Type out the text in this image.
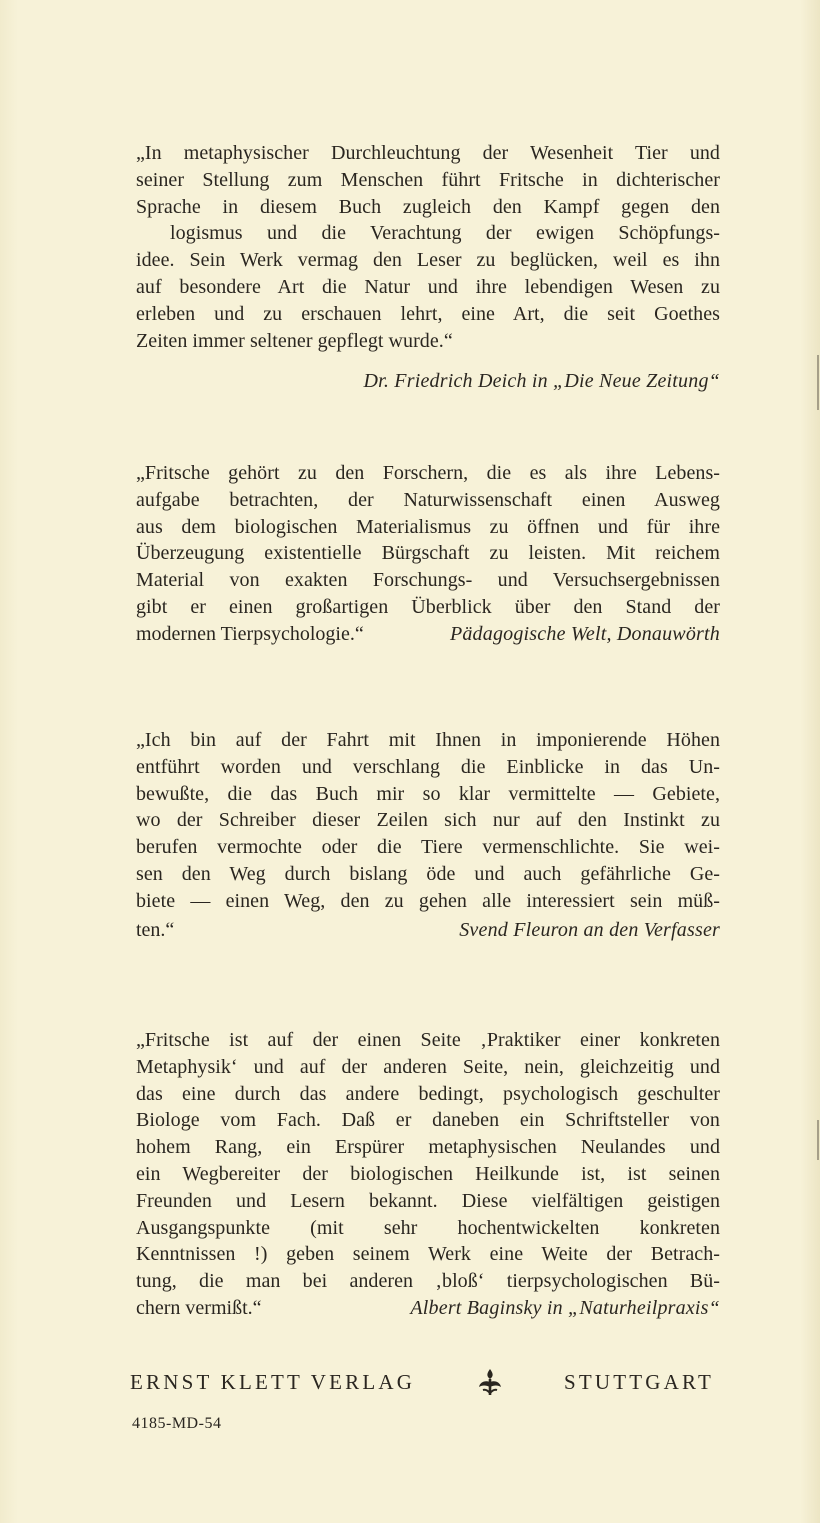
„In metaphysischer Durchleuchtung der Wesenheit Tier und
seiner Stellung zum Menschen führt Fritsche in dichterischer
Sprache in diesem Buch zugleich den Kampf gegen den
logismus und die Verachtung der ewigen Schöpfungs-
idee. Sein Werk vermag den Leser zu beglücken, weil es ihn
auf besondere Art die Natur und ihre lebendigen Wesen zu
erleben und zu erschauen lehrt, eine Art, die seit Goethes
Zeiten immer seltener gepflegt wurde.“

Dr. Friedrich Deich in „Die Neue Zeitung“

„Fritsche gehört zu den Forschern, die es als ihre Lebens-
aufgabe betrachten, der Naturwissenschaft einen Ausweg
aus dem biologischen Materialismus zu öffnen und für ihre
Überzeugung existentielle Bürgschaft zu leisten. Mit reichem
Material von exakten Forschungs- und Versuchsergebnissen
gibt er einen großartigen Überblick über den Stand der

modernen Tierpsychologie.“	Pädagogische Welt, Donauwörth

„Ich bin auf der Fahrt mit Ihnen in imponierende Höhen
entführt worden und verschlang die Einblicke in das Un-
bewußte, die das Buch mir so klar vermittelte — Gebiete,
wo der Schreiber dieser Zeilen sich nur auf den Instinkt zu
berufen vermochte oder die Tiere vermenschlichte. Sie wei-
sen den Weg durch bislang öde und auch gefährliche Ge-
biete — einen Weg, den zu gehen alle interessiert sein müß-

ten.“	Svend Fleuron an den Verfasser

„Fritsche ist auf der einen Seite ‚Praktiker einer konkreten
Metaphysik‘ und auf der anderen Seite, nein, gleichzeitig und
das eine durch das andere bedingt, psychologisch geschulter
Biologe vom Fach. Daß er daneben ein Schriftsteller von
hohem Rang, ein Erspürer metaphysischen Neulandes und
ein Wegbereiter der biologischen Heilkunde ist, ist seinen
Freunden und Lesern bekannt. Diese vielfältigen geistigen
Ausgangspunkte (mit sehr hochentwickelten konkreten
Kenntnissen !) geben seinem Werk eine Weite der Betrach-
tung, die man bei anderen ‚bloß‘ tierpsychologischen Bü-

chern vermißt.“	Albert Baginsky in „Naturheilpraxis“
ERNST KLETT VERLAG	STUTTGART
4185-MD-54
